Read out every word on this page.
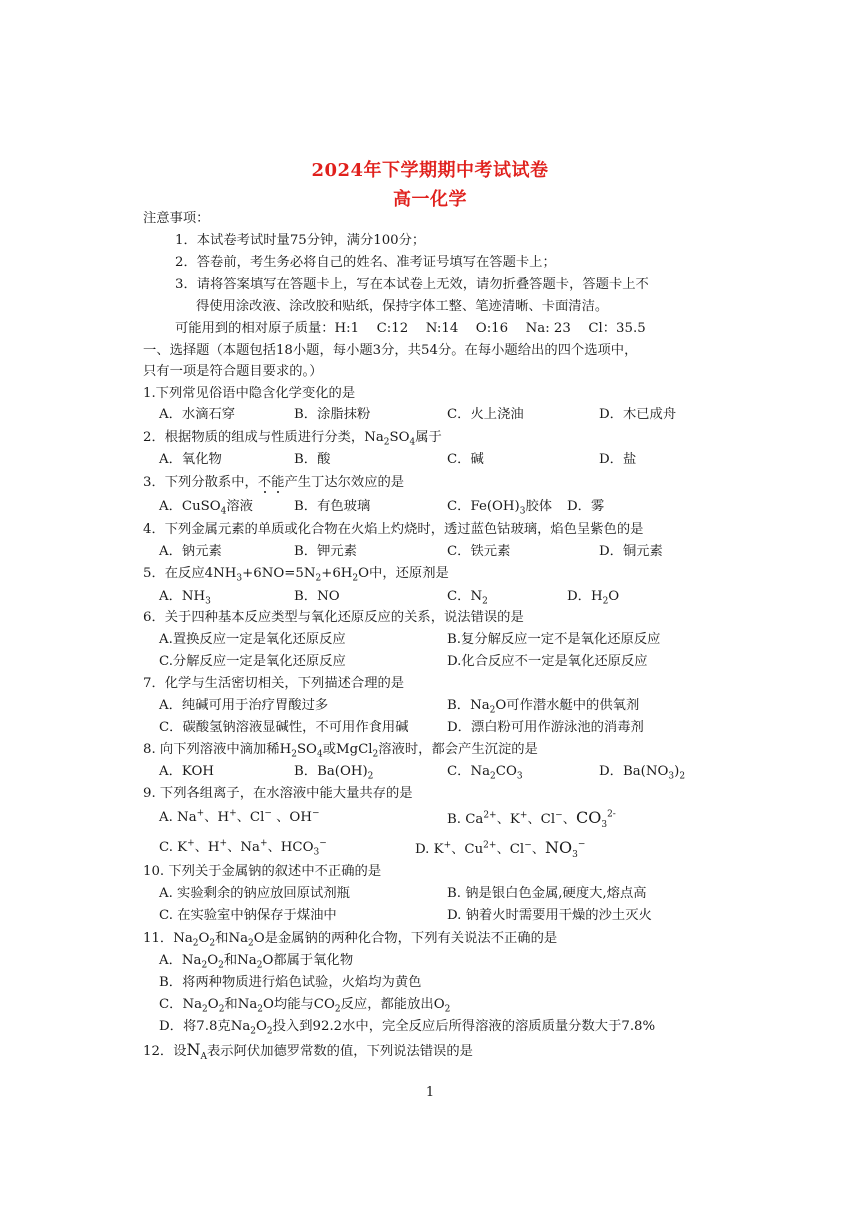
2024年下学期期中考试试卷
高一化学
注意事项：
1．本试卷考试时量75分钟，满分100分；
2．答卷前，考生务必将自己的姓名、准考证号填写在答题卡上；
3．请将答案填写在答题卡上，写在本试卷上无效，请勿折叠答题卡，答题卡上不
得使用涂改液、涂改胶和贴纸，保持字体工整、笔迹清晰、卡面清洁。
可能用到的相对原子质量：H:1　 C:12　 N:14　 O:16　 Na: 23　 Cl：35.5
一、选择题（本题包括18小题，每小题3分，共54分。在每小题给出的四个选项中，
只有一项是符合题目要求的。）
1.下列常见俗语中隐含化学变化的是
A．水滴石穿	B．涂脂抹粉	C．火上浇油	D．木已成舟
2．根据物质的组成与性质进行分类，$Na_2SO_4$属于
A．氧化物	B．酸	C．碱	D．盐
3．下列分散系中，不能产生丁达尔效应的是
A．CuSO$_4$溶液	B．有色玻璃	C．$Fe(OH)_3$胶体 D．雾
4．下列金属元素的单质或化合物在火焰上灼烧时，透过蓝色钴玻璃，焰色呈紫色的是
A．钠元素	B．钾元素	C．铁元素	D．铜元素
5．在反应$4NH_3+6NO=5N_2+6H_2O$中，还原剂是
A．$NH_3$	B．NO	C．$N_2$	D．$H_2O$
6．关于四种基本反应类型与氧化还原反应的关系，说法错误的是
A.置换反应一定是氧化还原反应	B.复分解反应一定不是氧化还原反应
C.分解反应一定是氧化还原反应	D.化合反应不一定是氧化还原反应
7．化学与生活密切相关，下列描述合理的是
A．纯碱可用于治疗胃酸过多	B．$Na_2O$可作潜水艇中的供氧剂
C．碳酸氢钠溶液显碱性，不可用作食用碱	D．漂白粉可用作游泳池的消毒剂
8. 向下列溶液中滴加稀$H_2SO_4$或MgCl$_2$溶液时，都会产生沉淀的是
A．KOH	B．$Ba(OH)_2$	C．$Na_2CO_3$	D．$Ba(NO_3)_2$
9. 下列各组离子，在水溶液中能大量共存的是
A. Na+、H+、Cl− 、OH−	B. $Ca^{2+}$、K+、Cl−、$CO_3^{2-}$
C. K+、H+、Na+、$HCO_3^-$	D. K+、$Cu^{2+}$、Cl−、$NO_3^-$
10. 下列关于金属钠的叙述中不正确的是
A. 实验剩余的钠应放回原试剂瓶	B. 钠是银白色金属,硬度大,熔点高
C. 在实验室中钠保存于煤油中	D. 钠着火时需要用干燥的沙土灭火
11．$Na_2O_2$和$Na_2O$是金属钠的两种化合物，下列有关说法不正确的是
A．$Na_2O_2$和$Na_2O$都属于氧化物
B．将两种物质进行焰色试验，火焰均为黄色
C．$Na_2O_2$和$Na_2O$均能与$CO_2$反应，都能放出$O_2$
D．将7.8克$Na_2O_2$投入到92.2水中，完全反应后所得溶液的溶质质量分数大于7.8%
12．设$N_A$表示阿伏加德罗常数的值，下列说法错误的是
1
